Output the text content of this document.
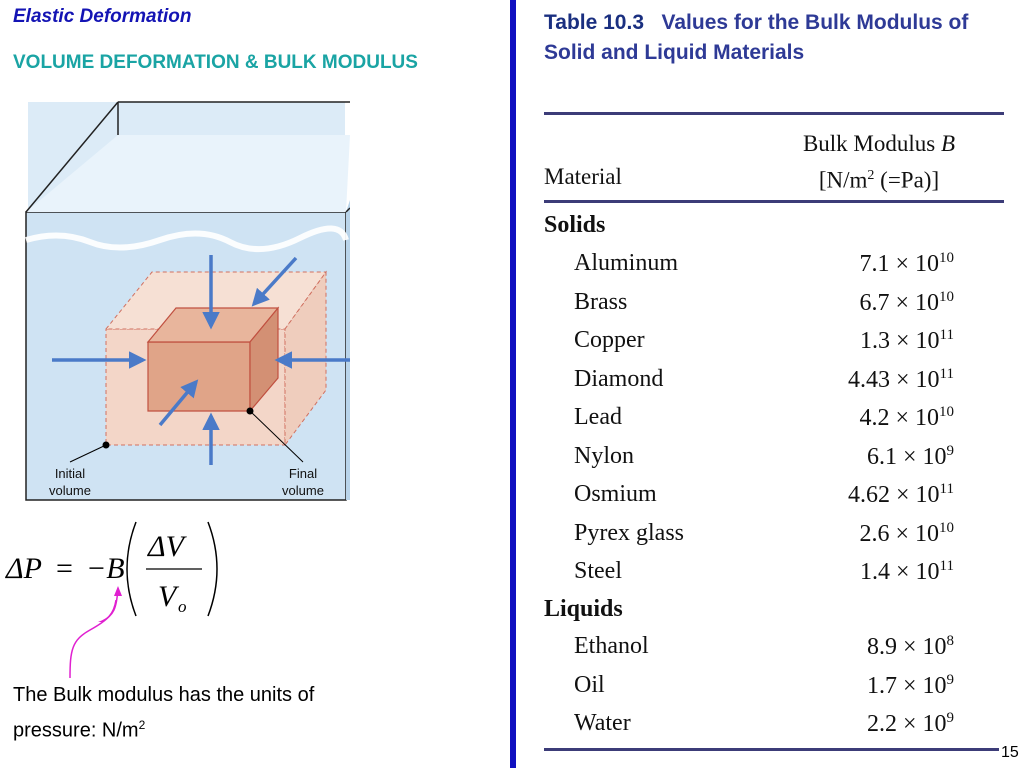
Elastic Deformation
VOLUME DEFORMATION & BULK MODULUS
Initial
volume
Final
volume
ΔP = −B
ΔV
V o
The Bulk modulus has the units of
pressure: $N/m^2$
Table 10.3 Values for the Bulk Modulus of Solid and Liquid Materials
Bulk Modulus B
[$N/m^2$ (=Pa)]
Material
Solids
Aluminum	$7.1 \times 10^{10}$
Brass	$6.7 \times 10^{10}$
Copper	$1.3 \times 10^{11}$
Diamond	$4.43 \times 10^{11}$
Lead	$4.2 \times 10^{10}$
Nylon	$6.1 \times 10^9$
Osmium	$4.62 \times 10^{11}$
Pyrex glass	$2.6 \times 10^{10}$
Steel	$1.4 \times 10^{11}$
Liquids
Ethanol	$8.9 \times 10^8$
Oil	$1.7 \times 10^9$
Water	$2.2 \times 10^9$
15
